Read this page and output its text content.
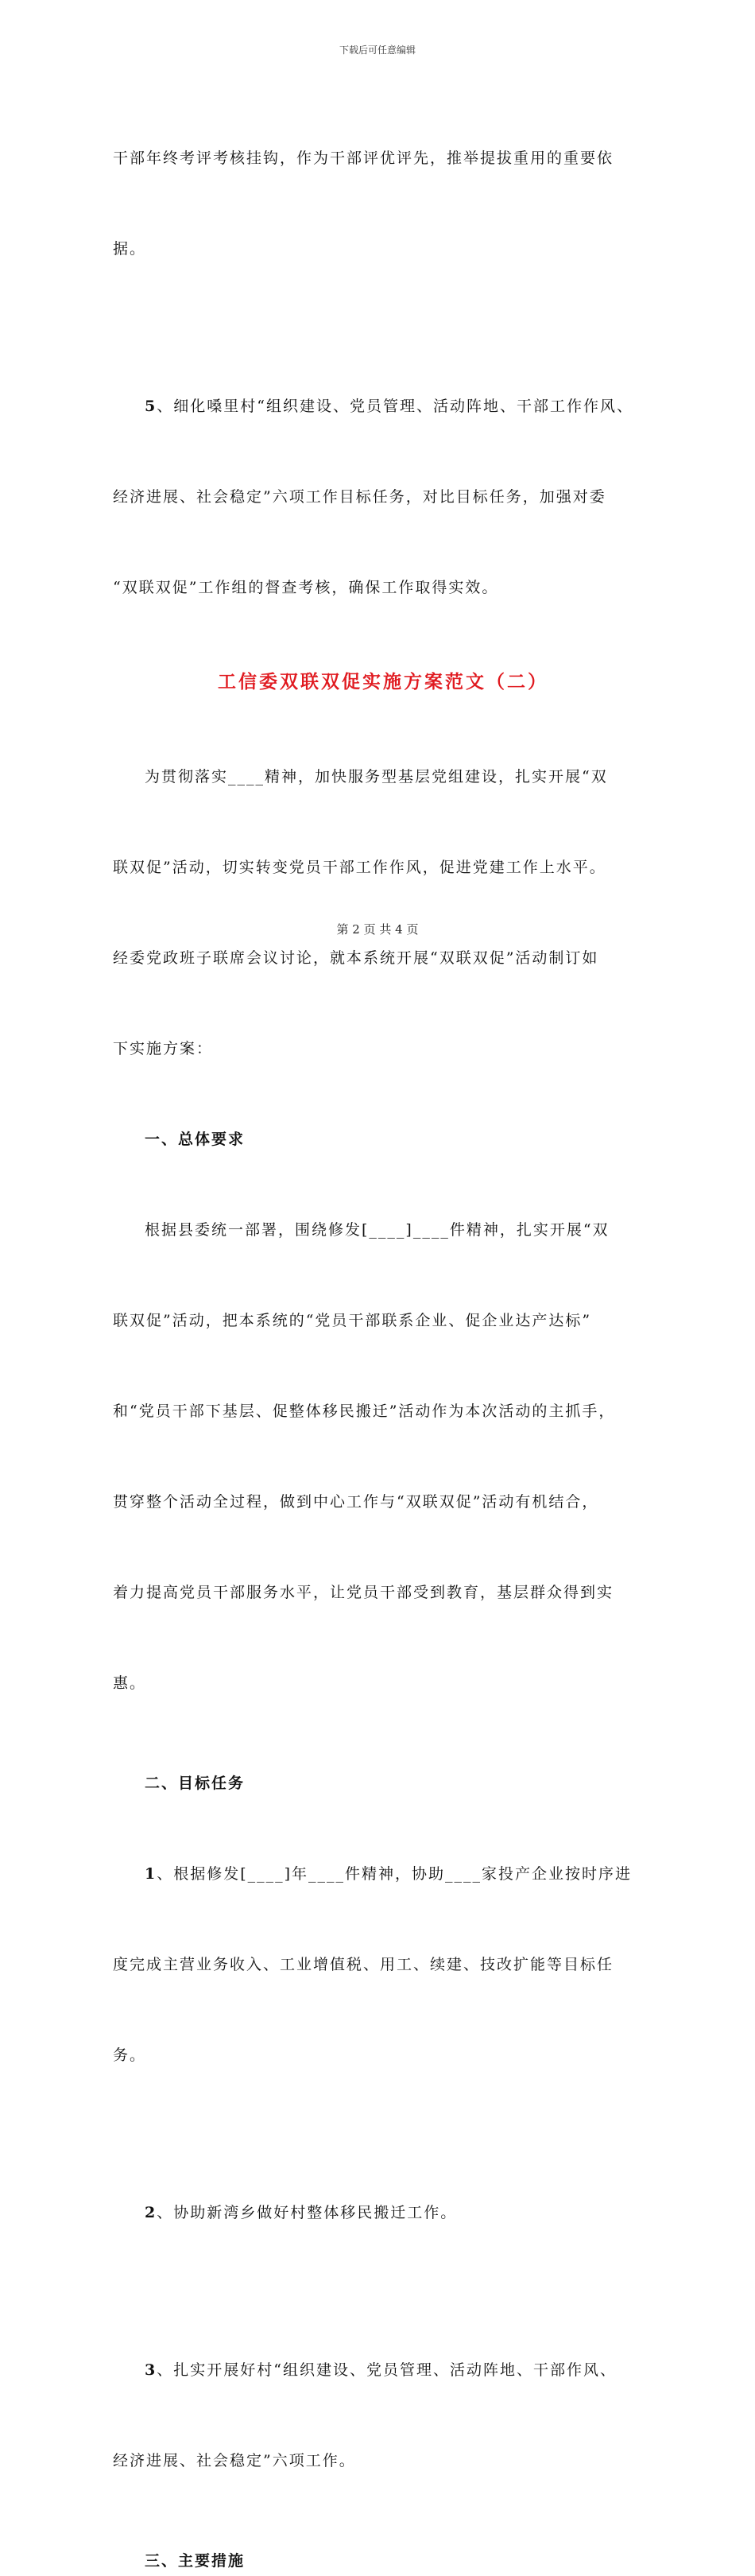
下载后可任意编辑

干部年终考评考核挂钩，作为干部评优评先，推举提拔重用的重要依

据。

5、细化嗓里村“组织建设、党员管理、活动阵地、干部工作作风、

经济进展、社会稳定”六项工作目标任务，对比目标任务，加强对委

“双联双促”工作组的督查考核，确保工作取得实效。

工信委双联双促实施方案范文（二）

为贯彻落实____精神，加快服务型基层党组建设，扎实开展“双

联双促”活动，切实转变党员干部工作作风，促进党建工作上水平。

经委党政班子联席会议讨论，就本系统开展“双联双促”活动制订如

下实施方案：

一、总体要求

根据县委统一部署，围绕修发[____]____件精神，扎实开展“双

联双促”活动，把本系统的“党员干部联系企业、促企业达产达标”

和“党员干部下基层、促整体移民搬迁”活动作为本次活动的主抓手，

贯穿整个活动全过程，做到中心工作与“双联双促”活动有机结合，

着力提高党员干部服务水平，让党员干部受到教育，基层群众得到实

惠。

二、目标任务

1、根据修发[____]年____件精神，协助____家投产企业按时序进

度完成主营业务收入、工业增值税、用工、续建、技改扩能等目标任

务。

2、协助新湾乡做好村整体移民搬迁工作。

3、扎实开展好村“组织建设、党员管理、活动阵地、干部作风、

经济进展、社会稳定”六项工作。

三、主要措施
第 2 页 共 4 页
